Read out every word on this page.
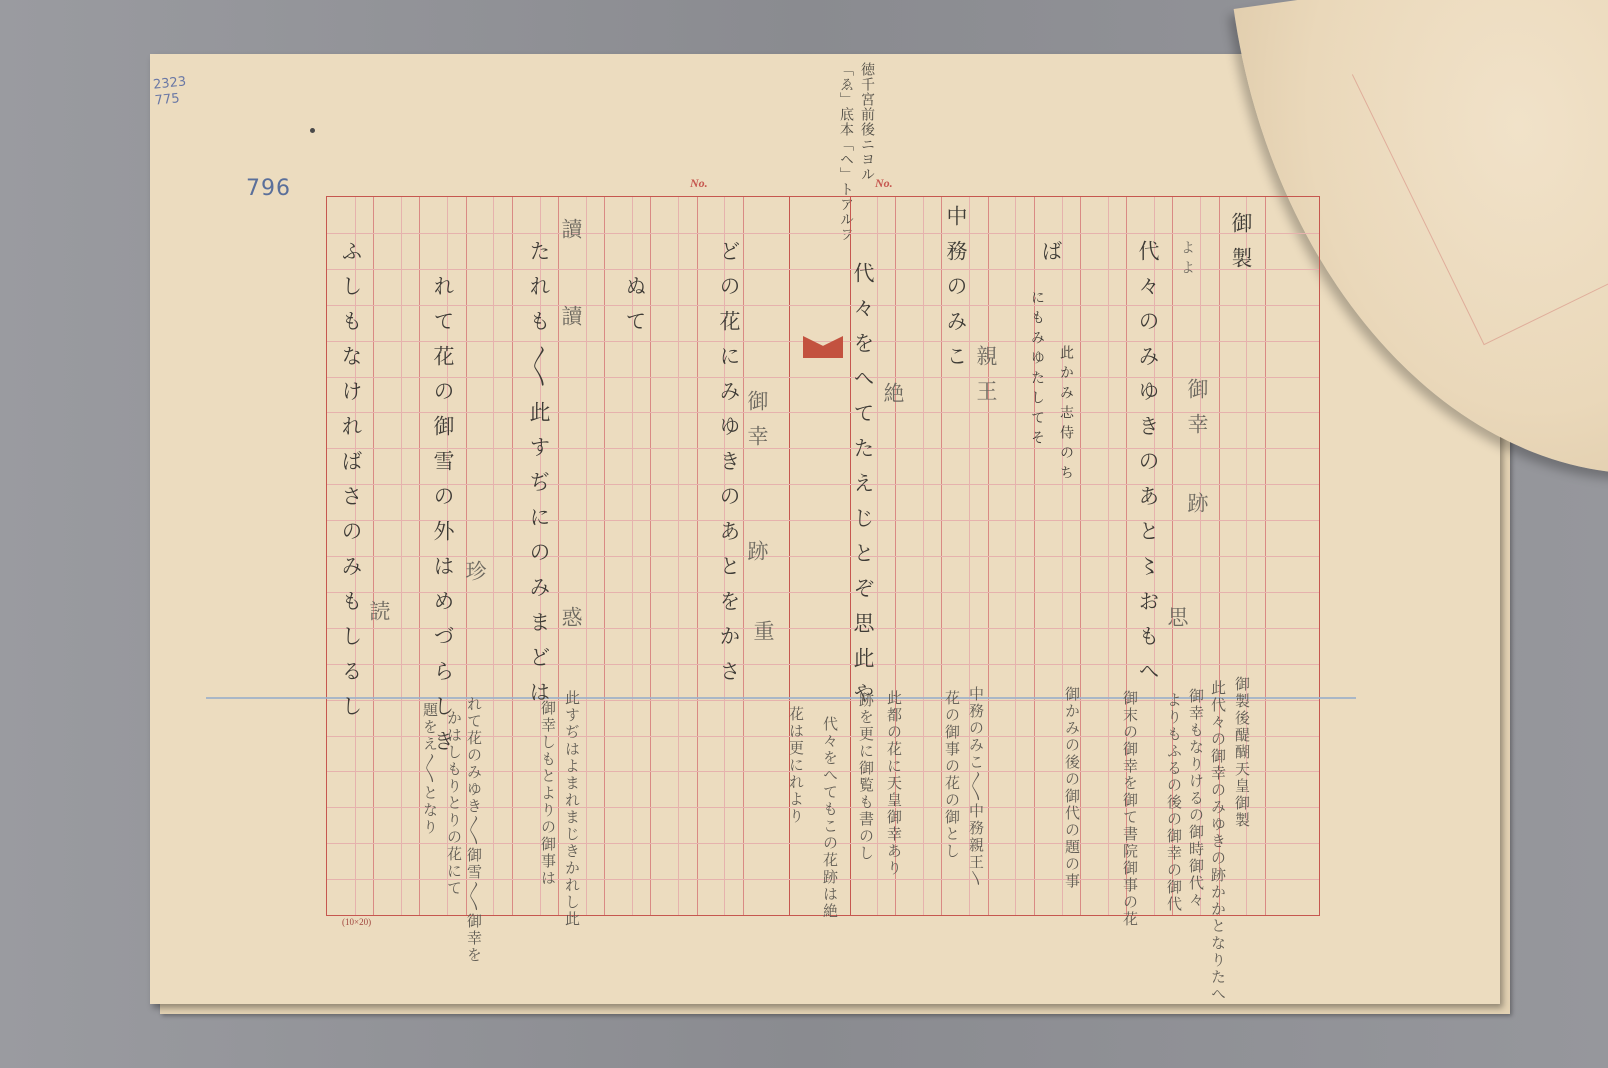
2323
775
796	「ゑ」底本「ヘ」トアルヲ 徳千宮前後ニヨル
No.	No.
(10×20)
御製
よよ
代々のみゆきのあと〻おもへ 御幸
跡
思
ば
此かみ志侍のち
にもみゆたしてそ
中務のみこ 親王
代々をへてたえじとぞ思此や 絶
どの花にみゆきのあとをかさ 御幸
跡
重
ぬて
讀
讀
たれも〳〵此すぢにのみまどは 惑
れて花の御雪の外はめづらしき 珍
ふしもなければさのみもしるし 読
御製後醍醐天皇御製
此代々の御幸のみゆきの跡かかとなりたへ
御幸もなりけるの御時御代々
よりもふるの後の御幸の御代
御末の御幸を御て書院御事の花
御かみの後の御代の題の事
中務のみこ〳〵中務親王〵
花の御事の花の御とし
此都の花に天皇御幸あり
跡を更に御覧も書のし
代々をへてもこの花跡は絶
此すぢはよまれまじきかれし此
御幸しもとよりの御事は
れて花のみゆき〳〵御雪〳〵御幸を
かはしもりとりの花にて
題をえ〳〵となり	花は更にれより
